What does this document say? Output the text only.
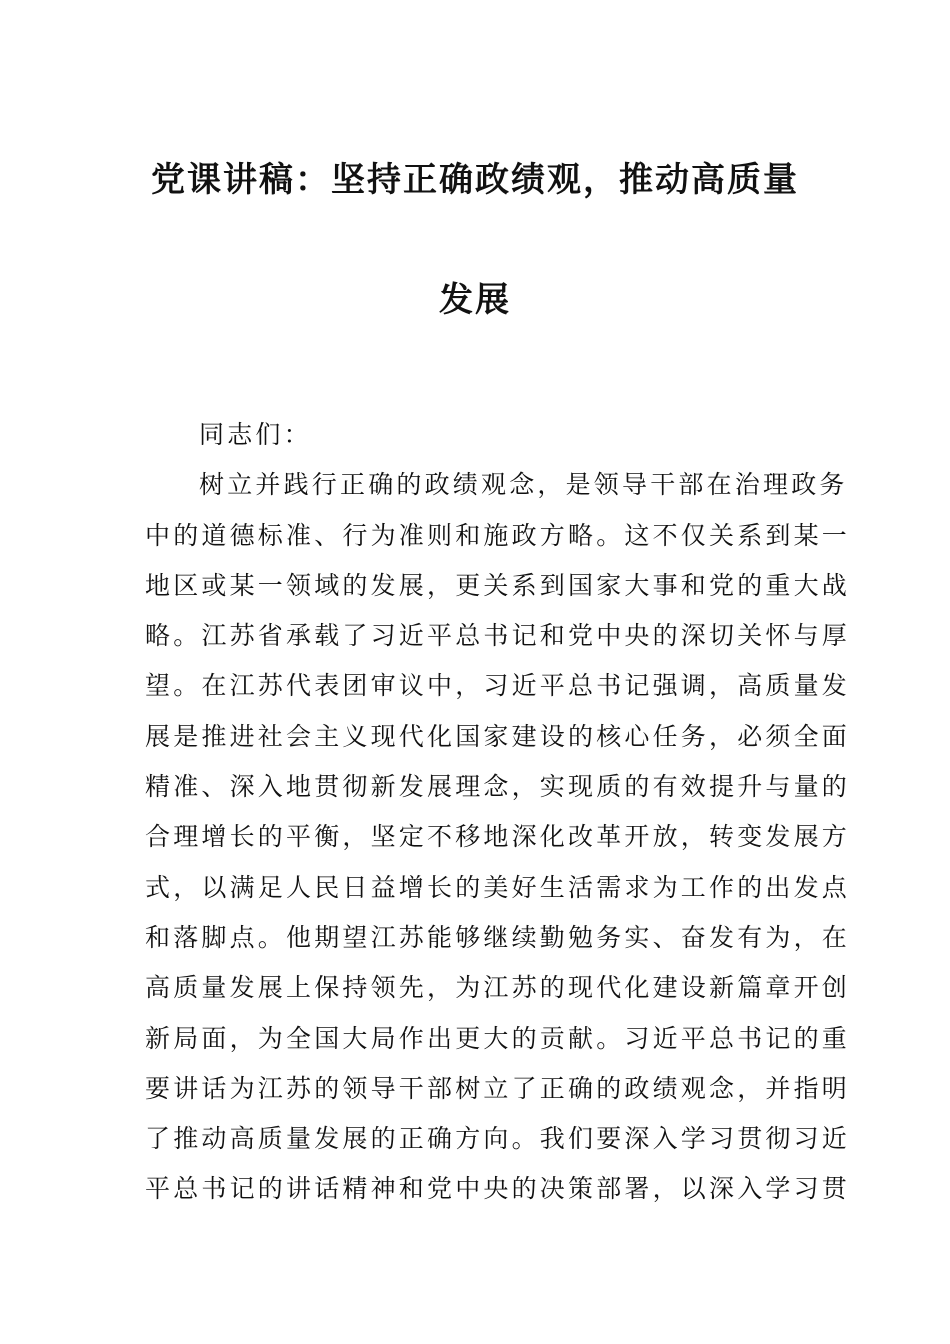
党课讲稿：坚持正确政绩观，推动高质量
发展

同志们：

树立并践行正确的政绩观念，是领导干部在治理政务

中的道德标准、行为准则和施政方略。这不仅关系到某一

地区或某一领域的发展，更关系到国家大事和党的重大战

略。江苏省承载了习近平总书记和党中央的深切关怀与厚

望。在江苏代表团审议中，习近平总书记强调，高质量发

展是推进社会主义现代化国家建设的核心任务，必须全面

精准、深入地贯彻新发展理念，实现质的有效提升与量的

合理增长的平衡，坚定不移地深化改革开放，转变发展方

式，以满足人民日益增长的美好生活需求为工作的出发点

和落脚点。他期望江苏能够继续勤勉务实、奋发有为，在

高质量发展上保持领先，为江苏的现代化建设新篇章开创

新局面，为全国大局作出更大的贡献。习近平总书记的重

要讲话为江苏的领导干部树立了正确的政绩观念，并指明

了推动高质量发展的正确方向。我们要深入学习贯彻习近

平总书记的讲话精神和党中央的决策部署，以深入学习贯
